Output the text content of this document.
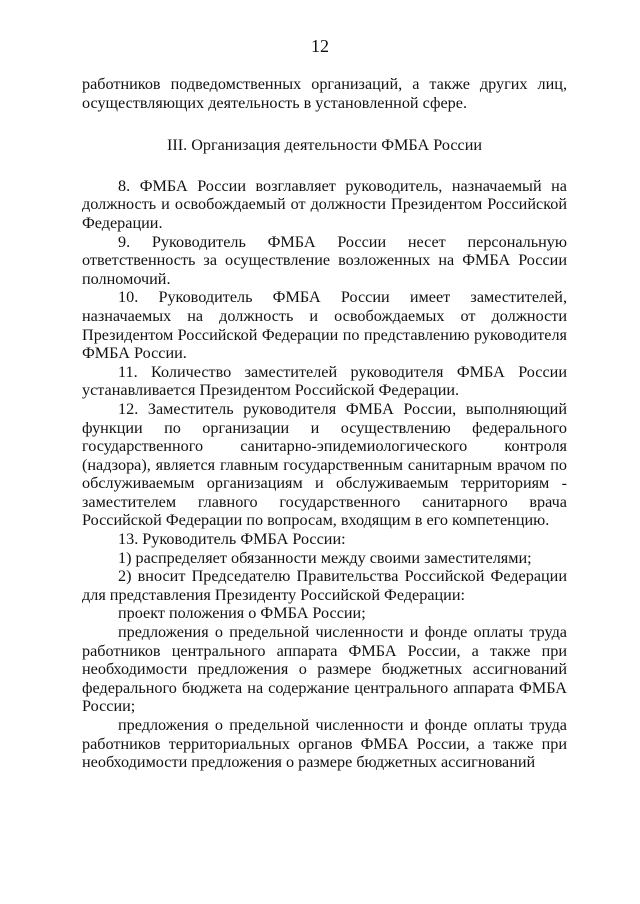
12

работников подведомственных организаций, а также других лиц, осуществляющих деятельность в установленной сфере.

III. Организация деятельности ФМБА России

8. ФМБА России возглавляет руководитель, назначаемый на должность и освобождаемый от должности Президентом Российской Федерации.

9. Руководитель ФМБА России несет персональную ответственность за осуществление возложенных на ФМБА России полномочий.

10. Руководитель ФМБА России имеет заместителей, назначаемых на должность и освобождаемых от должности Президентом Российской Федерации по представлению руководителя ФМБА России.

11. Количество заместителей руководителя ФМБА России устанавливается Президентом Российской Федерации.

12. Заместитель руководителя ФМБА России, выполняющий функции по организации и осуществлению федерального государственного санитарно-эпидемиологического контроля (надзора), является главным государственным санитарным врачом по обслуживаемым организациям и обслуживаемым территориям - заместителем главного государственного санитарного врача Российской Федерации по вопросам, входящим в его компетенцию.

13. Руководитель ФМБА России:

1) распределяет обязанности между своими заместителями;

2) вносит Председателю Правительства Российской Федерации для представления Президенту Российской Федерации:

проект положения о ФМБА России;

предложения о предельной численности и фонде оплаты труда работников центрального аппарата ФМБА России, а также при необходимости предложения о размере бюджетных ассигнований федерального бюджета на содержание центрального аппарата ФМБА России;

предложения о предельной численности и фонде оплаты труда работников территориальных органов ФМБА России, а также при необходимости предложения о размере бюджетных ассигнований
